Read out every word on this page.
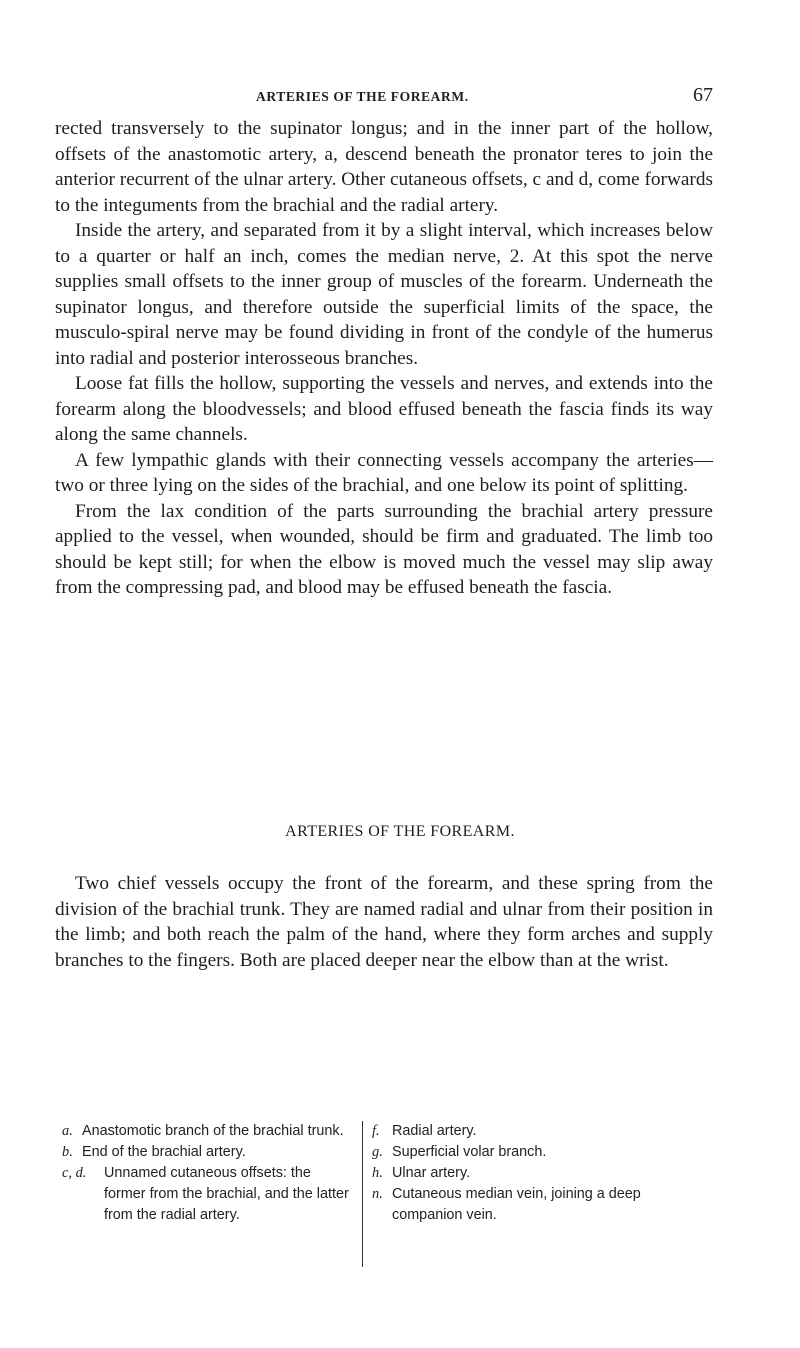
ARTERIES OF THE FOREARM.	67

rected transversely to the supinator longus; and in the inner part of the hollow, offsets of the anastomotic artery, a, descend beneath the pronator teres to join the anterior recurrent of the ulnar artery. Other cutaneous offsets, c and d, come forwards to the integuments from the brachial and the radial artery.

Inside the artery, and separated from it by a slight interval, which increases below to a quarter or half an inch, comes the median nerve, 2. At this spot the nerve supplies small offsets to the inner group of muscles of the forearm. Underneath the supinator longus, and therefore outside the superficial limits of the space, the musculo-spiral nerve may be found dividing in front of the condyle of the humerus into radial and posterior interosseous branches.

Loose fat fills the hollow, supporting the vessels and nerves, and extends into the forearm along the bloodvessels; and blood effused beneath the fascia finds its way along the same channels.

A few lympathic glands with their connecting vessels accompany the arteries—two or three lying on the sides of the brachial, and one below its point of splitting.

From the lax condition of the parts surrounding the brachial artery pressure applied to the vessel, when wounded, should be firm and graduated. The limb too should be kept still; for when the elbow is moved much the vessel may slip away from the compressing pad, and blood may be effused beneath the fascia.

ARTERIES OF THE FOREARM.

Two chief vessels occupy the front of the forearm, and these spring from the division of the brachial trunk. They are named radial and ulnar from their position in the limb; and both reach the palm of the hand, where they form arches and supply branches to the fingers. Both are placed deeper near the elbow than at the wrist.

a. Anastomotic branch of the brachial trunk.
b. End of the brachial artery.
c, d. Unnamed cutaneous offsets: the former from the brachial, and the latter from the radial artery.
f. Radial artery.
g. Superficial volar branch.
h. Ulnar artery.
n. Cutaneous median vein, joining a deep companion vein.
